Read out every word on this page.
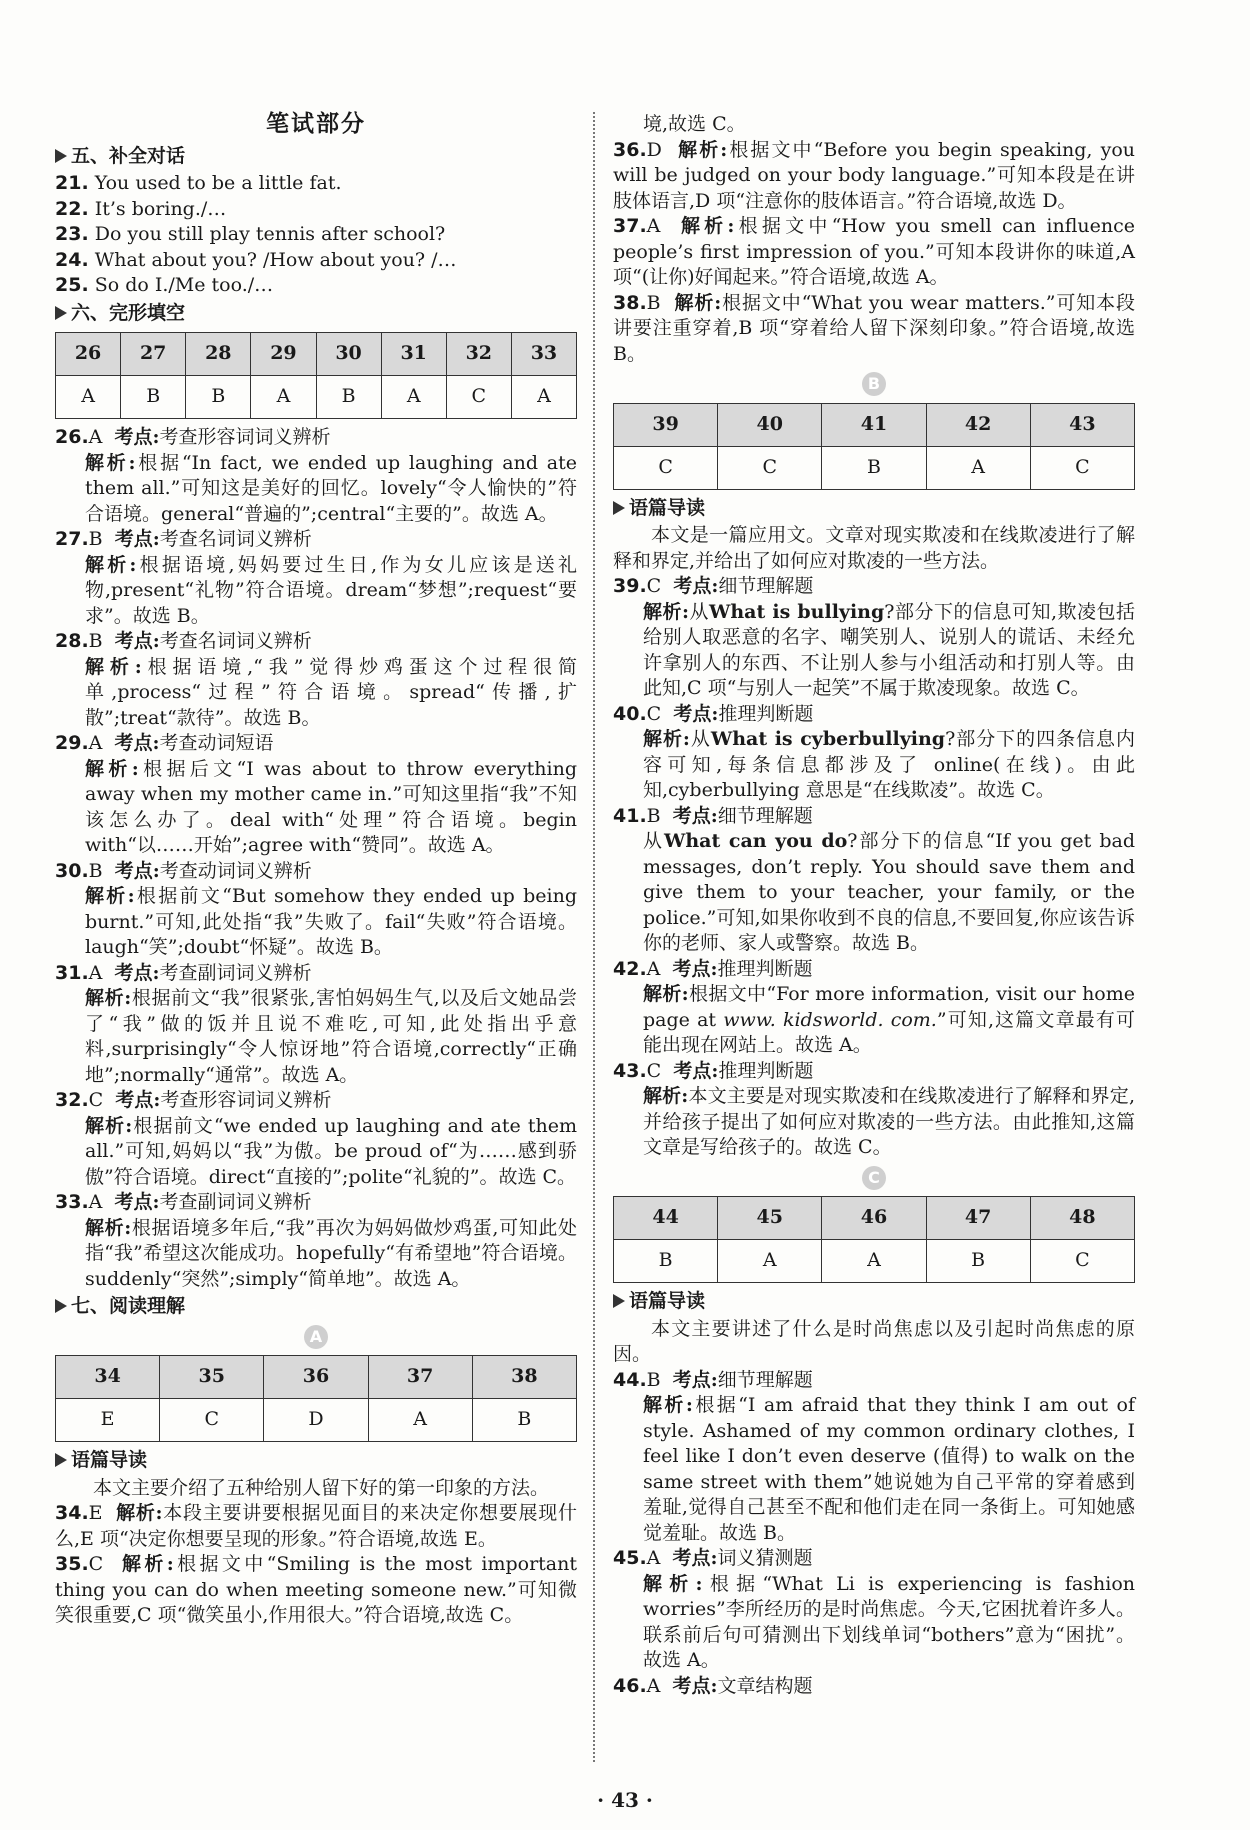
笔试部分
五、补全对话

21. You used to be a little fat.

22. It’s boring./…

23. Do you still play tennis after school?

24. What about you? /How about you? /…

25. So do I./Me too./…

六、完形填空
26	27	28	29	30	31	32	33
A	B	B	A	B	A	C	A

26.A 考点:考查形容词词义辨析

解析:根据“In fact, we ended up laughing and ate them all.”可知这是美好的回忆。lovely“令人愉快的”符合语境。general“普遍的”;central“主要的”。故选 A。

27.B 考点:考查名词词义辨析

解析:根据语境,妈妈要过生日,作为女儿应该是送礼物,present“礼物”符合语境。dream“梦想”;request“要求”。故选 B。

28.B 考点:考查名词词义辨析

解析:根据语境,“我”觉得炒鸡蛋这个过程很简单,process“过程”符合语境。spread“传播,扩散”;treat“款待”。故选 B。

29.A 考点:考查动词短语

解析:根据后文“I was about to throw everything away when my mother came in.”可知这里指“我”不知该怎么办了。deal with“处理”符合语境。begin with“以……开始”;agree with“赞同”。故选 A。

30.B 考点:考查动词词义辨析

解析:根据前文“But somehow they ended up being burnt.”可知,此处指“我”失败了。fail“失败”符合语境。laugh“笑”;doubt“怀疑”。故选 B。

31.A 考点:考查副词词义辨析

解析:根据前文“我”很紧张,害怕妈妈生气,以及后文她品尝了“我”做的饭并且说不难吃,可知,此处指出乎意料,surprisingly“令人惊讶地”符合语境,correctly“正确地”;normally“通常”。故选 A。

32.C 考点:考查形容词词义辨析

解析:根据前文“we ended up laughing and ate them all.”可知,妈妈以“我”为傲。be proud of“为……感到骄傲”符合语境。direct“直接的”;polite“礼貌的”。故选 C。

33.A 考点:考查副词词义辨析

解析:根据语境多年后,“我”再次为妈妈做炒鸡蛋,可知此处指“我”希望这次能成功。hopefully“有希望地”符合语境。suddenly“突然”;simply“简单地”。故选 A。

七、阅读理解
A
34	35	36	37	38
E	C	D	A	B
语篇导读

本文主要介绍了五种给别人留下好的第一印象的方法。

34.E 解析:本段主要讲要根据见面目的来决定你想要展现什么,E 项“决定你想要呈现的形象。”符合语境,故选 E。

35.C 解析:根据文中“Smiling is the most important thing you can do when meeting someone new.”可知微笑很重要,C 项“微笑虽小,作用很大。”符合语境,故选 C。

境,故选 C。

36.D 解析:根据文中“Before you begin speaking, you will be judged on your body language.”可知本段是在讲肢体语言,D 项“注意你的肢体语言。”符合语境,故选 D。

37.A 解析:根据文中“How you smell can influence people’s first impression of you.”可知本段讲你的味道,A 项“(让你)好闻起来。”符合语境,故选 A。

38.B 解析:根据文中“What you wear matters.”可知本段讲要注重穿着,B 项“穿着给人留下深刻印象。”符合语境,故选 B。

B
39	40	41	42	43
C	C	B	A	C
语篇导读

本文是一篇应用文。文章对现实欺凌和在线欺凌进行了解释和界定,并给出了如何应对欺凌的一些方法。

39.C 考点:细节理解题

解析:从What is bullying?部分下的信息可知,欺凌包括给别人取恶意的名字、嘲笑别人、说别人的谎话、未经允许拿别人的东西、不让别人参与小组活动和打别人等。由此知,C 项“与别人一起笑”不属于欺凌现象。故选 C。

40.C 考点:推理判断题

解析:从What is cyberbullying?部分下的四条信息内容可知,每条信息都涉及了 online(在线)。由此知,cyberbullying 意思是“在线欺凌”。故选 C。

41.B 考点:细节理解题

从What can you do?部分下的信息“If you get bad messages, don’t reply. You should save them and give them to your teacher, your family, or the police.”可知,如果你收到不良的信息,不要回复,你应该告诉你的老师、家人或警察。故选 B。

42.A 考点:推理判断题

解析:根据文中“For more information, visit our home page at www. kidsworld. com.”可知,这篇文章最有可能出现在网站上。故选 A。

43.C 考点:推理判断题

解析:本文主要是对现实欺凌和在线欺凌进行了解释和界定,并给孩子提出了如何应对欺凌的一些方法。由此推知,这篇文章是写给孩子的。故选 C。

C
44	45	46	47	48
B	A	A	B	C
语篇导读

本文主要讲述了什么是时尚焦虑以及引起时尚焦虑的原因。

44.B 考点:细节理解题

解析:根据“I am afraid that they think I am out of style. Ashamed of my common ordinary clothes, I feel like I don’t even deserve (值得) to walk on the same street with them”她说她为自己平常的穿着感到羞耻,觉得自己甚至不配和他们走在同一条街上。可知她感觉羞耻。故选 B。

45.A 考点:词义猜测题

解析:根据“What Li is experiencing is fashion worries”李所经历的是时尚焦虑。今天,它困扰着许多人。联系前后句可猜测出下划线单词“bothers”意为“困扰”。故选 A。

46.A 考点:文章结构题

· 43 ·
